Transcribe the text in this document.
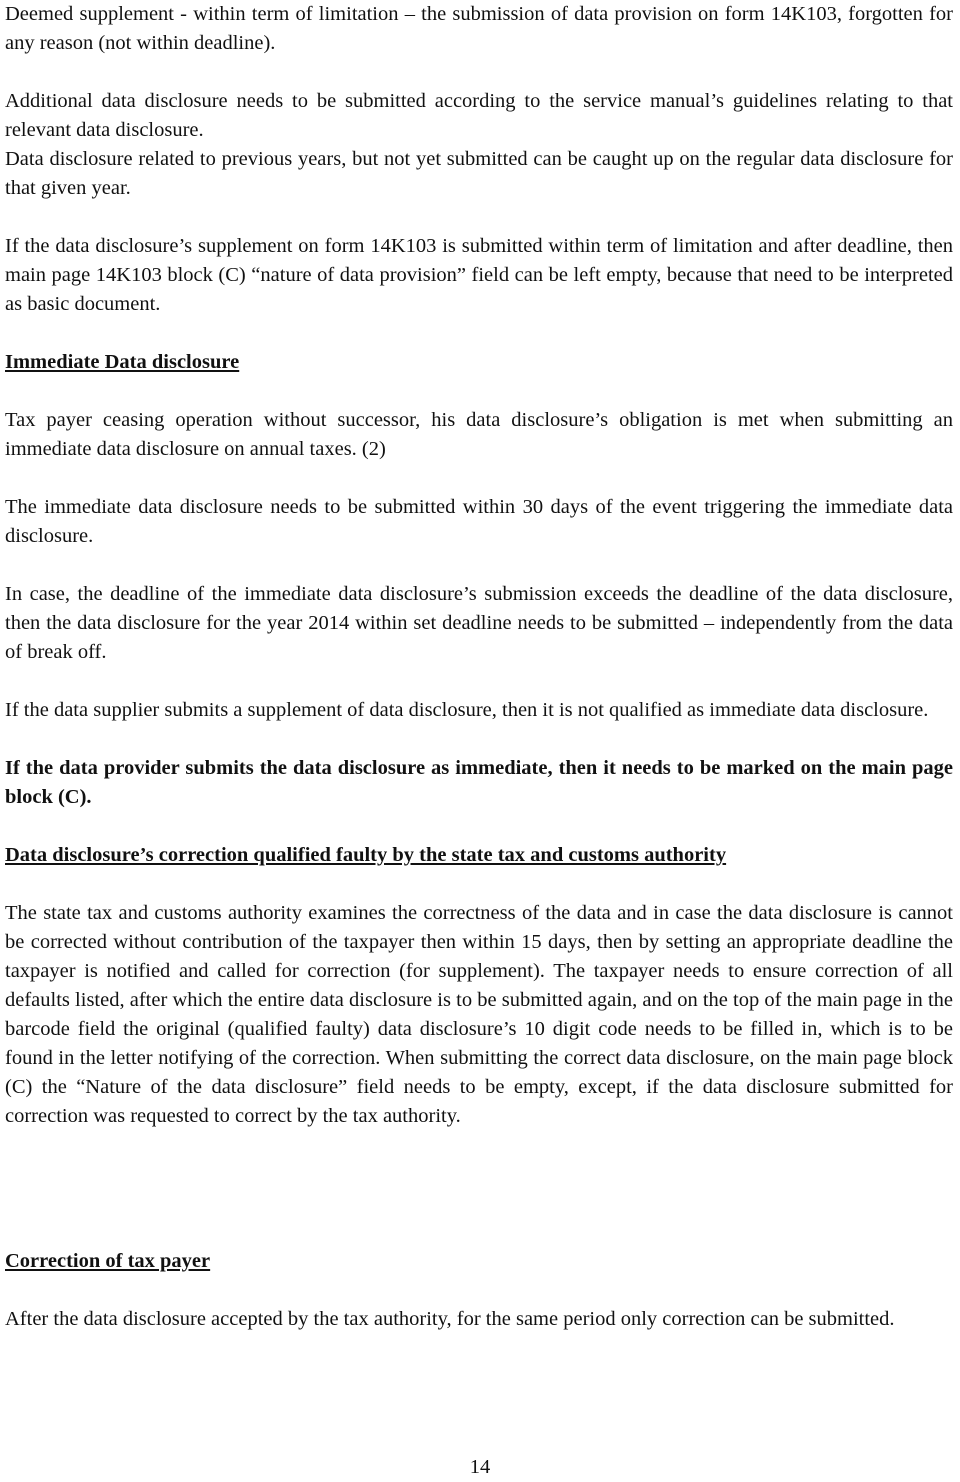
Deemed supplement - within term of limitation – the submission of data provision on form 14K103, forgotten for any reason (not within deadline).

Additional data disclosure needs to be submitted according to the service manual’s guidelines relating to that relevant data disclosure.

Data disclosure related to previous years, but not yet submitted can be caught up on the regular data disclosure for that given year.

If the data disclosure’s supplement on form 14K103 is submitted within term of limitation and after deadline, then main page 14K103 block (C) “nature of data provision” field can be left empty, because that need to be interpreted as basic document.

Immediate Data disclosure

Tax payer ceasing operation without successor, his data disclosure’s obligation is met when submitting an immediate data disclosure on annual taxes. (2)

The immediate data disclosure needs to be submitted within 30 days of the event triggering the immediate data disclosure.

In case, the deadline of the immediate data disclosure’s submission exceeds the deadline of the data disclosure, then the data disclosure for the year 2014 within set deadline needs to be submitted – independently from the data of break off.

If the data supplier submits a supplement of data disclosure, then it is not qualified as immediate data disclosure.

If the data provider submits the data disclosure as immediate, then it needs to be marked on the main page block (C).

Data disclosure’s correction qualified faulty by the state tax and customs authority

The state tax and customs authority examines the correctness of the data and in case the data disclosure is cannot be corrected without contribution of the taxpayer then within 15 days, then by setting an appropriate deadline the taxpayer is notified and called for correction (for supplement). The taxpayer needs to ensure correction of all defaults listed, after which the entire data disclosure is to be submitted again, and on the top of the main page in the barcode field the original (qualified faulty) data disclosure’s 10 digit code needs to be filled in, which is to be found in the letter notifying of the correction. When submitting the correct data disclosure, on the main page block (C) the “Nature of the data disclosure” field needs to be empty, except, if the data disclosure submitted for correction was requested to correct by the tax authority.

Correction of tax payer

After the data disclosure accepted by the tax authority, for the same period only correction can be submitted.

14
